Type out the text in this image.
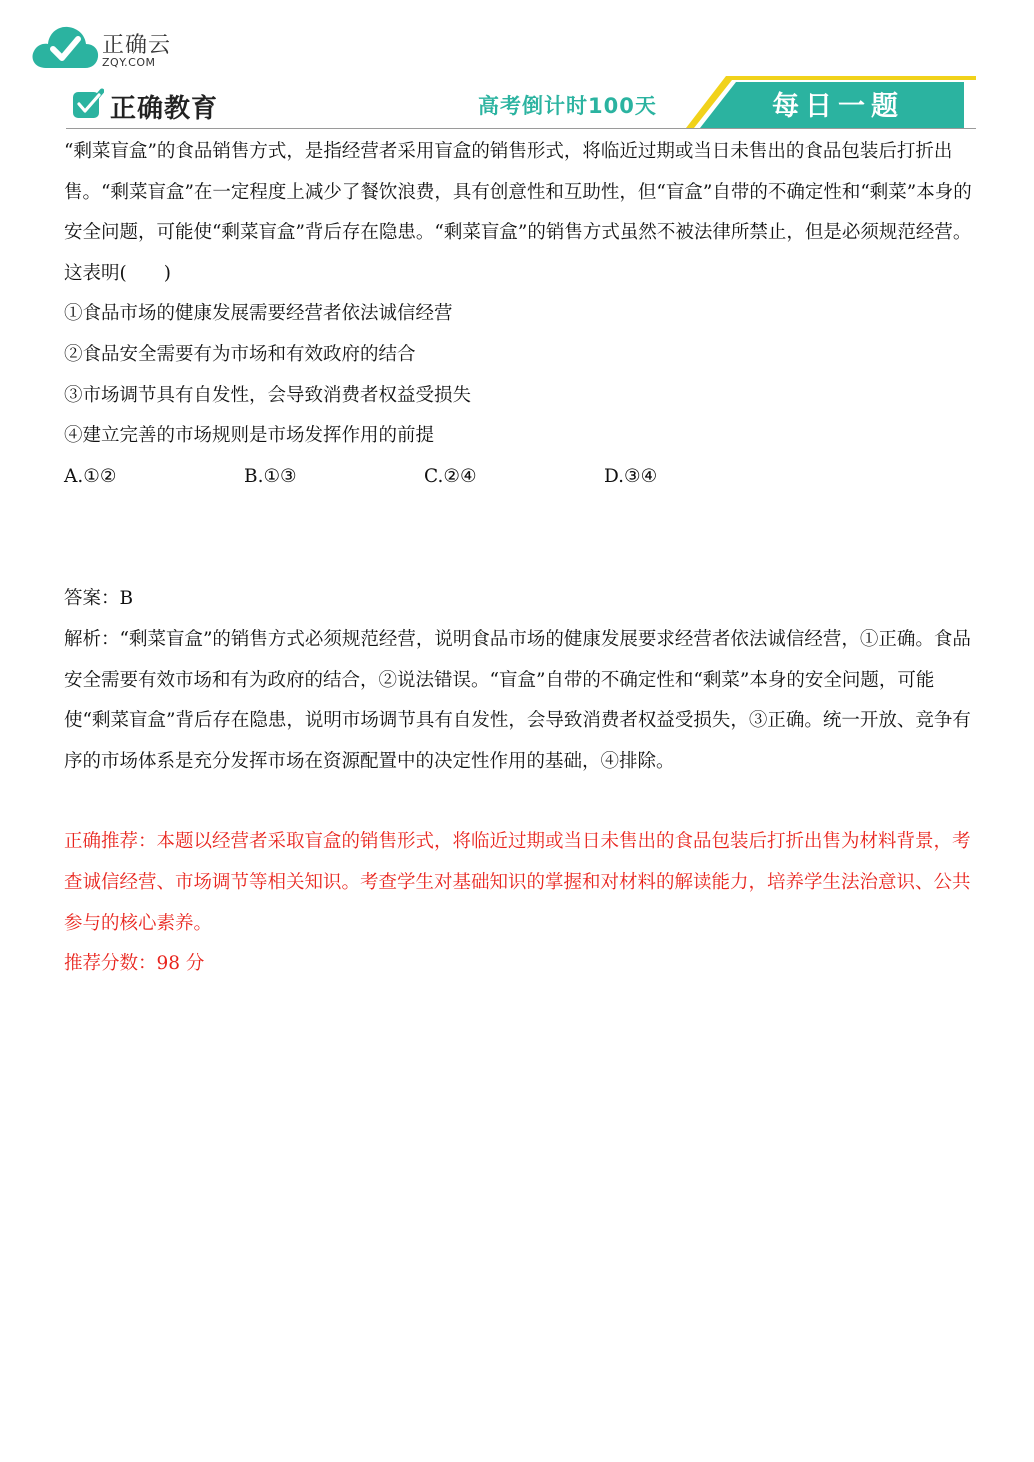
正确云
ZQY.COM
正确教育	高考倒计时100天	每日一题

“剩菜盲盒”的食品销售方式，是指经营者采用盲盒的销售形式，将临近过期或当日未售出的食品包装后打折出售。“剩菜盲盒”在一定程度上减少了餐饮浪费，具有创意性和互助性，但“盲盒”自带的不确定性和“剩菜”本身的安全问题，可能使“剩菜盲盒”背后存在隐患。“剩菜盲盒”的销售方式虽然不被法律所禁止，但是必须规范经营。这表明(　　)

①食品市场的健康发展需要经营者依法诚信经营

②食品安全需要有为市场和有效政府的结合

③市场调节具有自发性，会导致消费者权益受损失

④建立完善的市场规则是市场发挥作用的前提

A.①②	B.①③	C.②④	D.③④

答案：B

解析：“剩菜盲盒”的销售方式必须规范经营，说明食品市场的健康发展要求经营者依法诚信经营，①正确。食品安全需要有效市场和有为政府的结合，②说法错误。“盲盒”自带的不确定性和“剩菜”本身的安全问题，可能使“剩菜盲盒”背后存在隐患，说明市场调节具有自发性，会导致消费者权益受损失，③正确。统一开放、竞争有序的市场体系是充分发挥市场在资源配置中的决定性作用的基础，④排除。

正确推荐：本题以经营者采取盲盒的销售形式，将临近过期或当日未售出的食品包装后打折出售为材料背景，考查诚信经营、市场调节等相关知识。考查学生对基础知识的掌握和对材料的解读能力，培养学生法治意识、公共参与的核心素养。

推荐分数：98 分
